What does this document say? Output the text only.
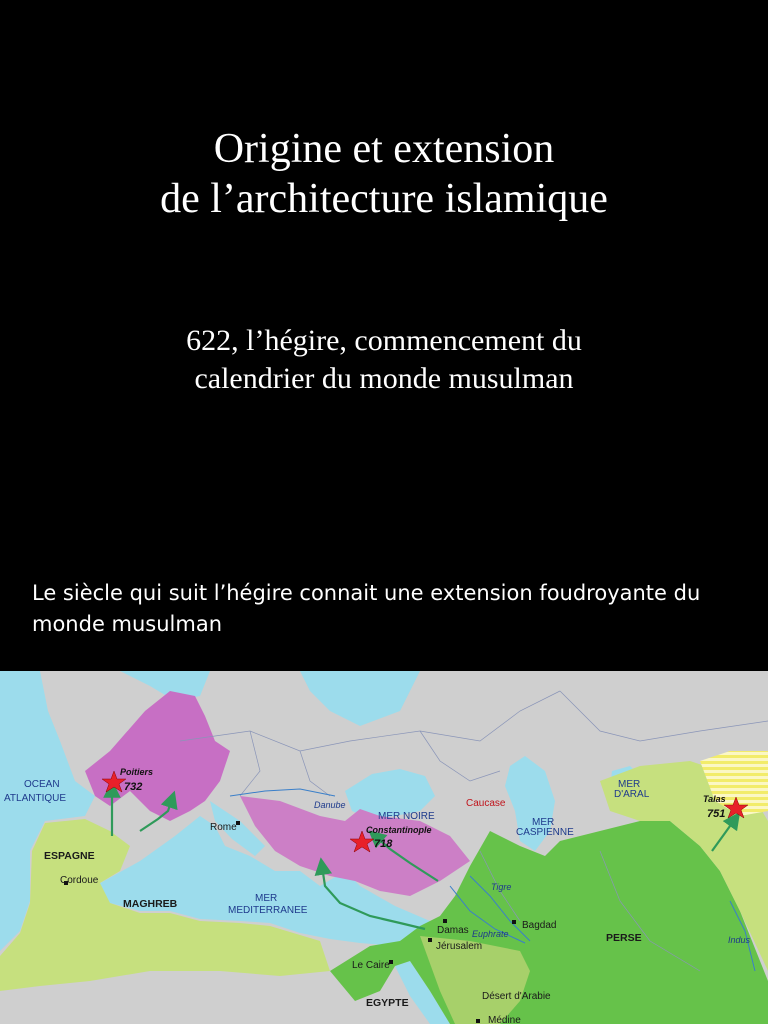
Origine et extension
de l’architecture islamique
622, l’hégire, commencement du
calendrier du monde musulman
Le siècle qui suit l’hégire connait une extension foudroyante du
monde musulman
OCEAN
ATLANTIQUE
ESPAGNE
Cordoue
MAGHREB
Rome
MER
MEDITERRANEE
Danube
MER NOIRE
Caucase
MER
CASPIENNE
MER
D'ARAL
Tigre
Euphrate
Indus
Bagdad
Damas
Jérusalem
PERSE
Le Caire
EGYPTE
Désert d'Arabie
Médine
Poitiers
732
Constantinople
718
Talas
751
